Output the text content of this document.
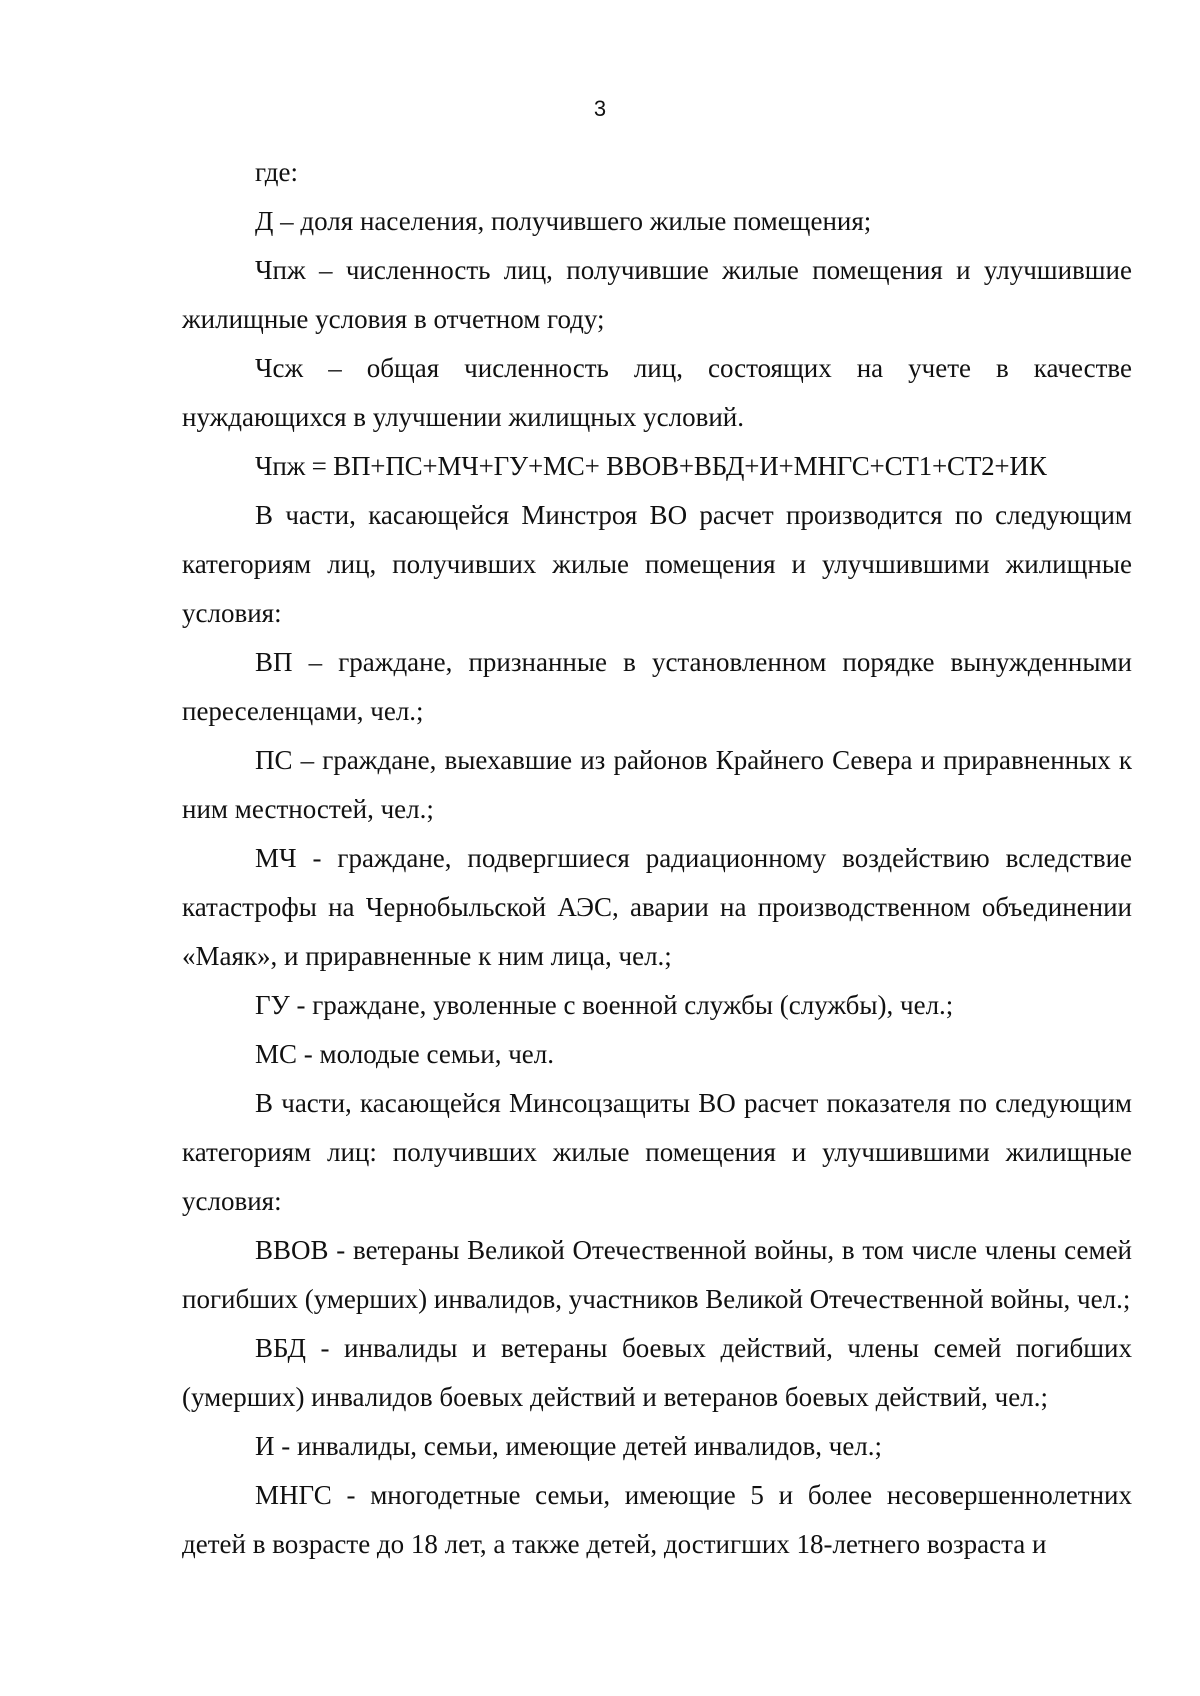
3

где:

Д – доля населения, получившего жилые помещения;

Чпж – численность лиц, получившие жилые помещения и улучшившие жилищные условия в отчетном году;

Чсж – общая численность лиц, состоящих на учете в качестве нуждающихся в улучшении жилищных условий.

Чпж = ВП+ПС+МЧ+ГУ+МС+ ВВОВ+ВБД+И+МНГС+СТ1+СТ2+ИК

В части, касающейся Минстроя ВО расчет производится по следующим категориям лиц, получивших жилые помещения и улучшившими жилищные условия:

ВП – граждане, признанные в установленном порядке вынужденными переселенцами, чел.;

ПС – граждане, выехавшие из районов Крайнего Севера и приравненных к ним местностей, чел.;

МЧ - граждане, подвергшиеся радиационному воздействию вследствие катастрофы на Чернобыльской АЭС, аварии на производственном объединении «Маяк», и приравненные к ним лица, чел.;

ГУ - граждане, уволенные с военной службы (службы), чел.;

МС - молодые семьи, чел.

В части, касающейся Минсоцзащиты ВО расчет показателя по следующим категориям лиц: получивших жилые помещения и улучшившими жилищные условия:

ВВОВ - ветераны Великой Отечественной войны, в том числе члены семей погибших (умерших) инвалидов, участников Великой Отечественной войны, чел.;

ВБД - инвалиды и ветераны боевых действий, члены семей погибших (умерших) инвалидов боевых действий и ветеранов боевых действий, чел.;

И - инвалиды, семьи, имеющие детей инвалидов, чел.;

МНГС - многодетные семьи, имеющие 5 и более несовершеннолетних детей в возрасте до 18 лет, а также детей, достигших 18-летнего возраста и
